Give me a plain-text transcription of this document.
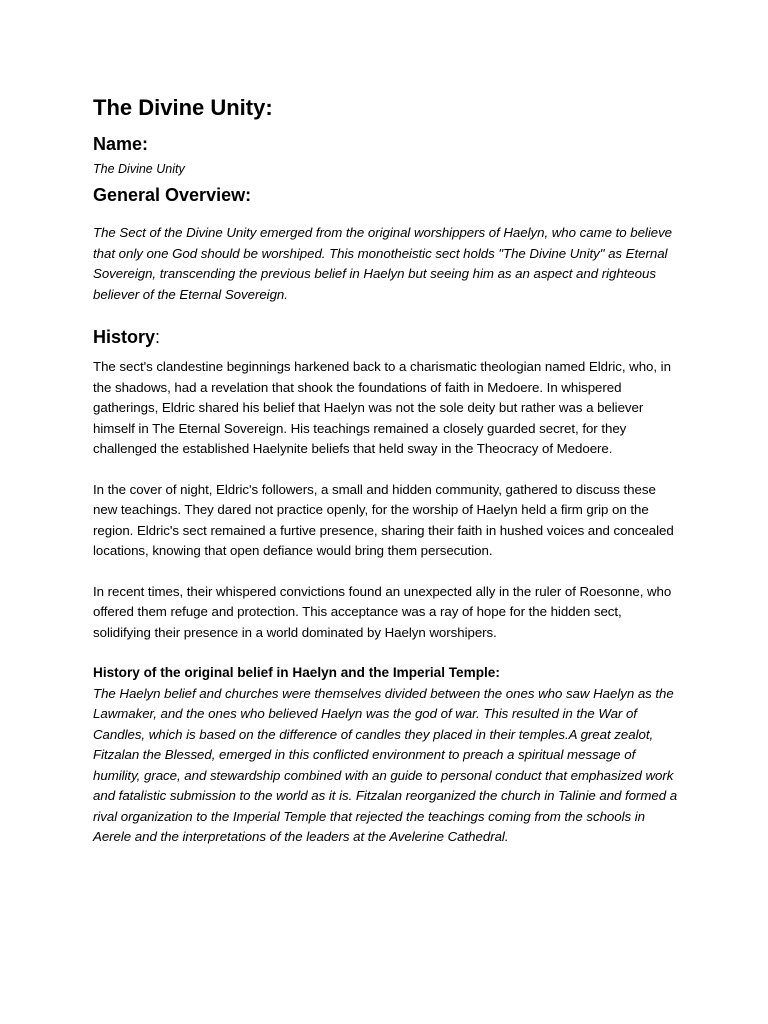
The Divine Unity:
Name:
The Divine Unity
General Overview:

The Sect of the Divine Unity emerged from the original worshippers of Haelyn, who came to believe that only one God should be worshiped. This monotheistic sect holds "The Divine Unity" as Eternal Sovereign, transcending the previous belief in Haelyn but seeing him as an aspect and righteous believer of the Eternal Sovereign.

History:

The sect's clandestine beginnings harkened back to a charismatic theologian named Eldric, who, in the shadows, had a revelation that shook the foundations of faith in Medoere. In whispered gatherings, Eldric shared his belief that Haelyn was not the sole deity but rather was a believer himself in The Eternal Sovereign. His teachings remained a closely guarded secret, for they challenged the established Haelynite beliefs that held sway in the Theocracy of Medoere.

In the cover of night, Eldric's followers, a small and hidden community, gathered to discuss these new teachings. They dared not practice openly, for the worship of Haelyn held a firm grip on the region. Eldric's sect remained a furtive presence, sharing their faith in hushed voices and concealed locations, knowing that open defiance would bring them persecution.

In recent times, their whispered convictions found an unexpected ally in the ruler of Roesonne, who offered them refuge and protection. This acceptance was a ray of hope for the hidden sect, solidifying their presence in a world dominated by Haelyn worshipers.

History of the original belief in Haelyn and the Imperial Temple:

The Haelyn belief and churches were themselves divided between the ones who saw Haelyn as the Lawmaker, and the ones who believed Haelyn was the god of war. This resulted in the War of Candles, which is based on the difference of candles they placed in their temples.A great zealot, Fitzalan the Blessed, emerged in this conflicted environment to preach a spiritual message of humility, grace, and stewardship combined with an guide to personal conduct that emphasized work and fatalistic submission to the world as it is. Fitzalan reorganized the church in Talinie and formed a rival organization to the Imperial Temple that rejected the teachings coming from the schools in Aerele and the interpretations of the leaders at the Avelerine Cathedral.
